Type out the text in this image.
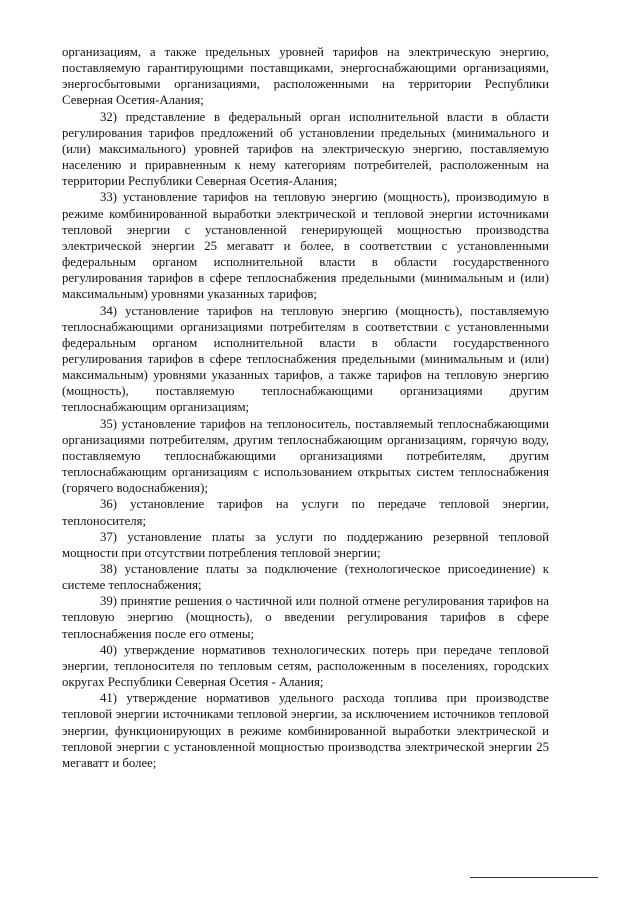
организациям, а также предельных уровней тарифов на электрическую энергию, поставляемую гарантирующими поставщиками, энергоснабжающими организациями, энергосбытовыми организациями, расположенными на территории Республики Северная Осетия-Алания;

32) представление в федеральный орган исполнительной власти в области регулирования тарифов предложений об установлении предельных (минимального и (или) максимального) уровней тарифов на электрическую энергию, поставляемую населению и приравненным к нему категориям потребителей, расположенным на территории Республики Северная Осетия-Алания;

33) установление тарифов на тепловую энергию (мощность), производимую в режиме комбинированной выработки электрической и тепловой энергии источниками тепловой энергии с установленной генерирующей мощностью производства электрической энергии 25 мегаватт и более, в соответствии с установленными федеральным органом исполнительной власти в области государственного регулирования тарифов в сфере теплоснабжения предельными (минимальным и (или) максимальным) уровнями указанных тарифов;

34) установление тарифов на тепловую энергию (мощность), поставляемую теплоснабжающими организациями потребителям в соответствии с установленными федеральным органом исполнительной власти в области государственного регулирования тарифов в сфере теплоснабжения предельными (минимальным и (или) максимальным) уровнями указанных тарифов, а также тарифов на тепловую энергию (мощность), поставляемую теплоснабжающими организациями другим теплоснабжающим организациям;

35) установление тарифов на теплоноситель, поставляемый теплоснабжающими организациями потребителям, другим теплоснабжающим организациям, горячую воду, поставляемую теплоснабжающими организациями потребителям, другим теплоснабжающим организациям с использованием открытых систем теплоснабжения (горячего водоснабжения);

36) установление тарифов на услуги по передаче тепловой энергии, теплоносителя;

37) установление платы за услуги по поддержанию резервной тепловой мощности при отсутствии потребления тепловой энергии;

38) установление платы за подключение (технологическое присоединение) к системе теплоснабжения;

39) принятие решения о частичной или полной отмене регулирования тарифов на тепловую энергию (мощность), о введении регулирования тарифов в сфере теплоснабжения после его отмены;

40) утверждение нормативов технологических потерь при передаче тепловой энергии, теплоносителя по тепловым сетям, расположенным в поселениях, городских округах Республики Северная Осетия - Алания;

41) утверждение нормативов удельного расхода топлива при производстве тепловой энергии источниками тепловой энергии, за исключением источников тепловой энергии, функционирующих в режиме комбинированной выработки электрической и тепловой энергии с установленной мощностью производства электрической энергии 25 мегаватт и более;
